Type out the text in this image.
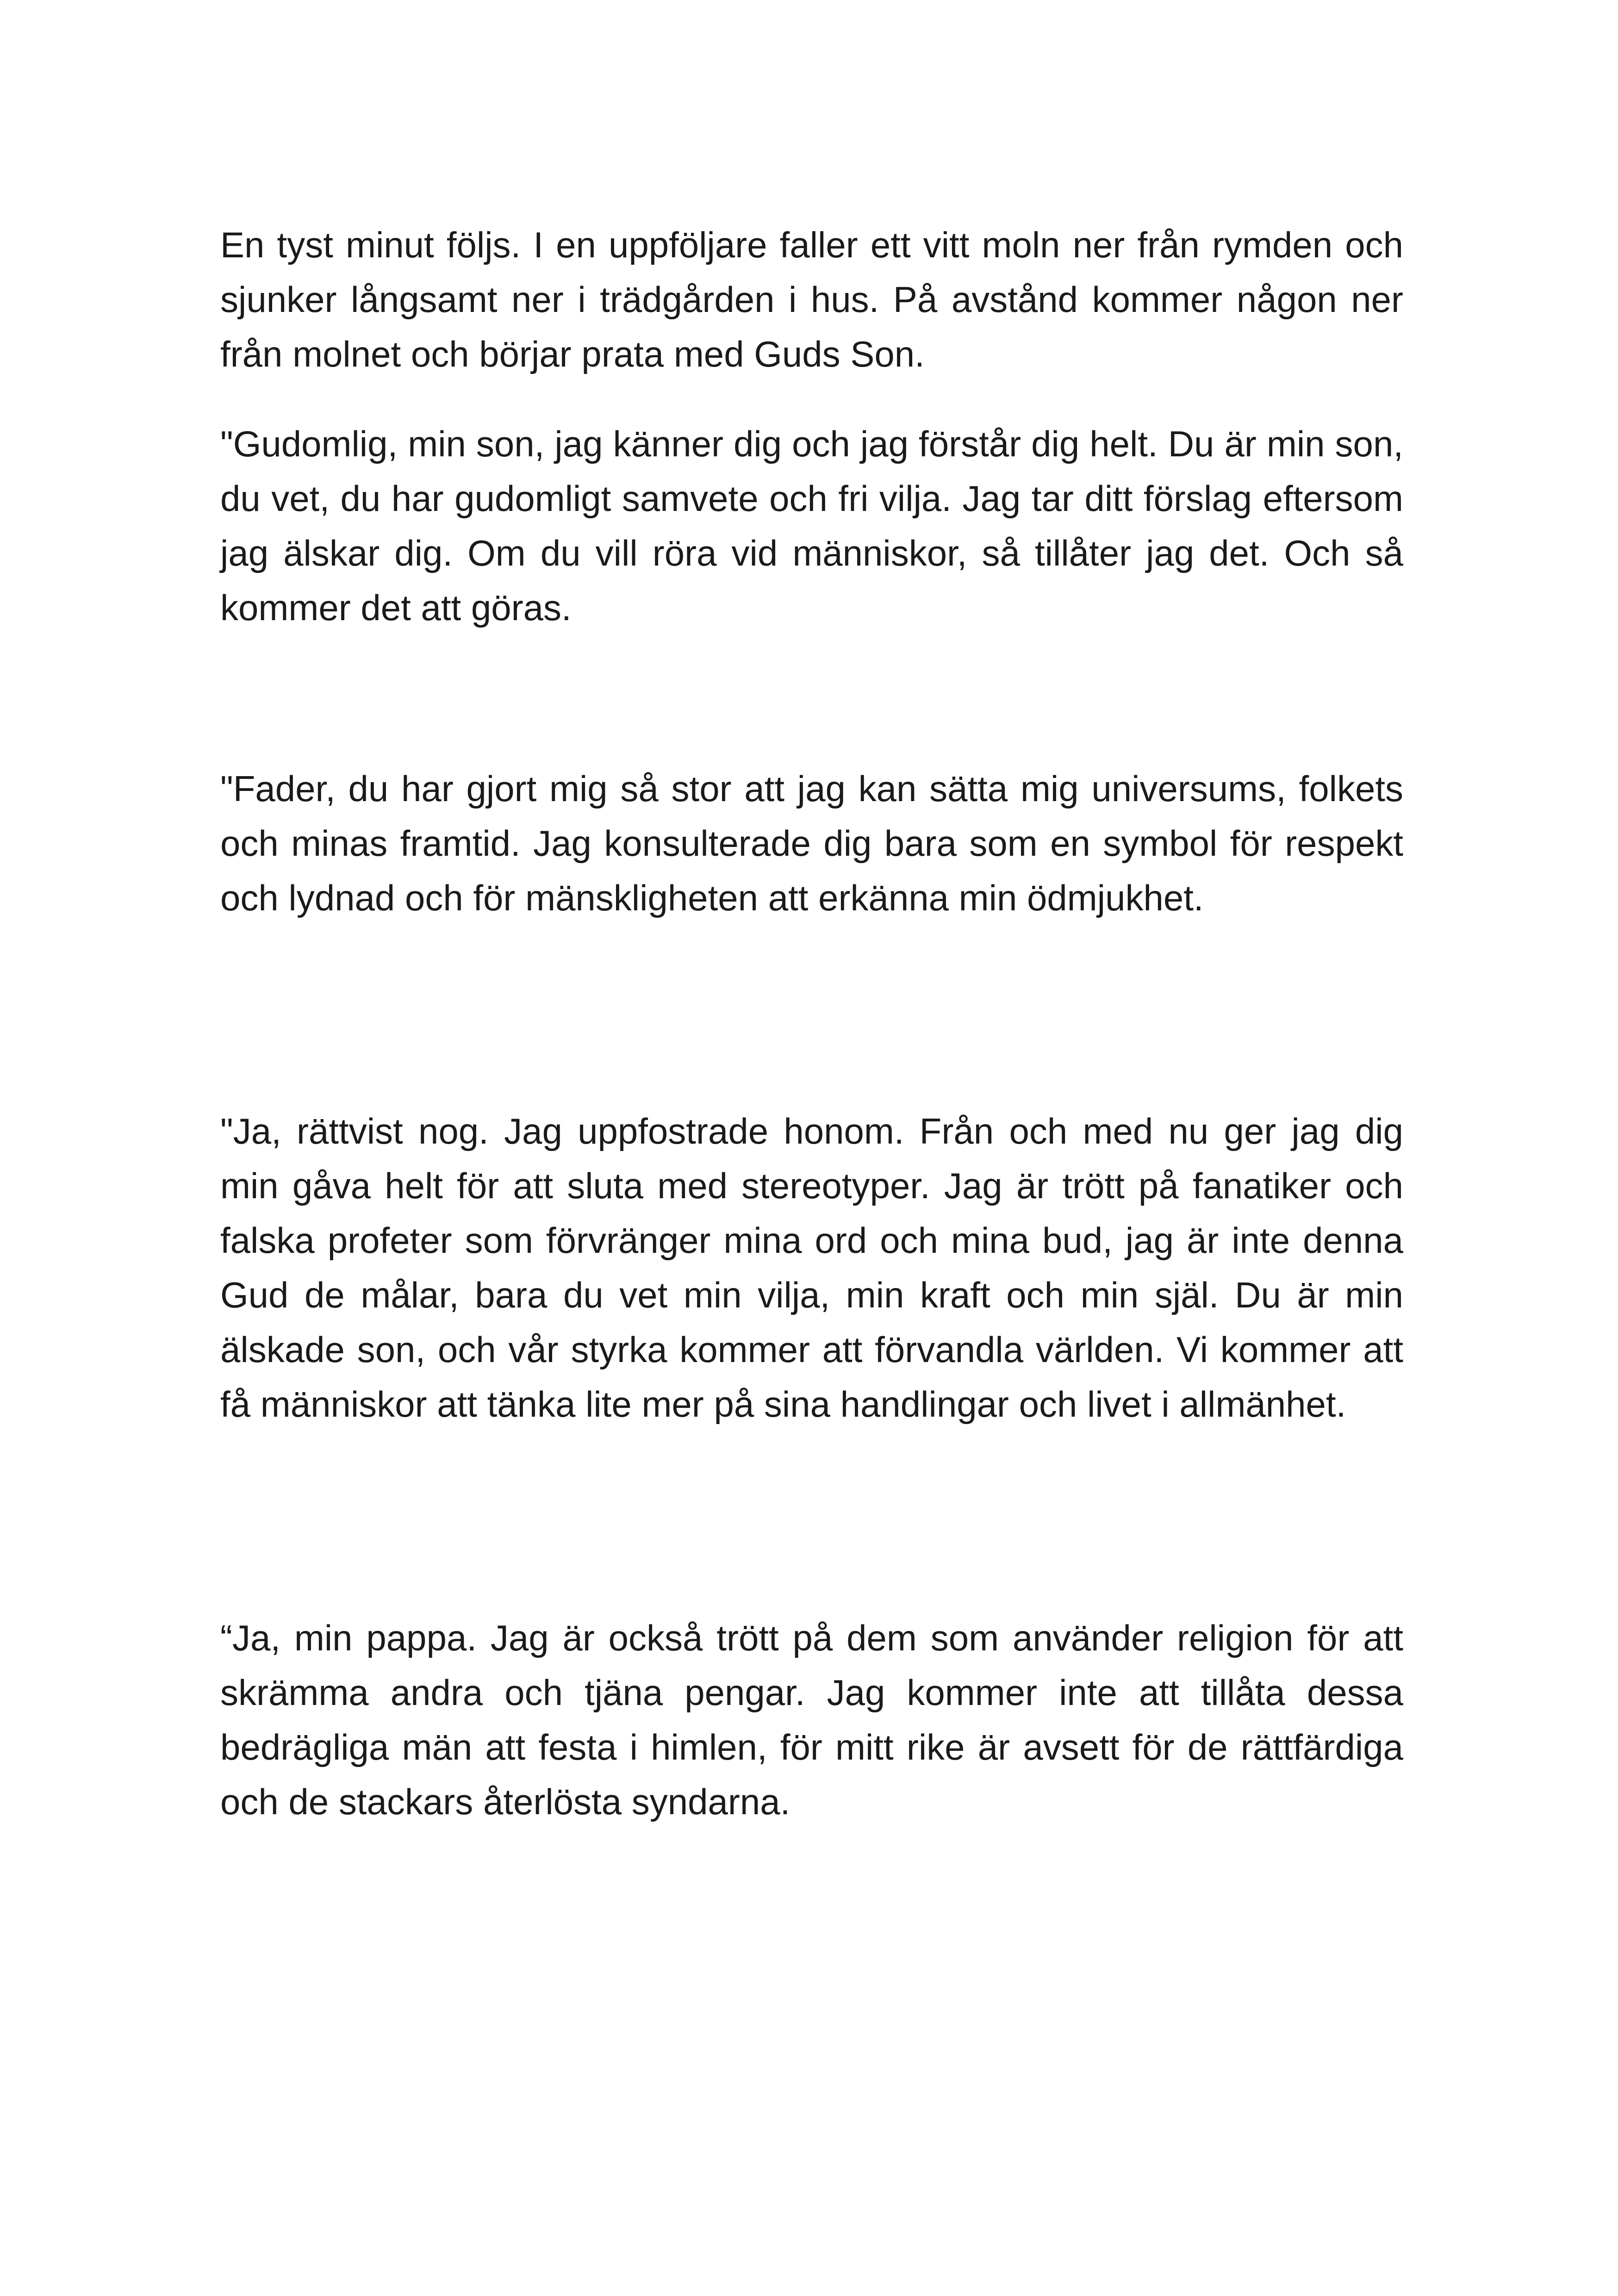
En tyst minut följs. I en uppföljare faller ett vitt moln ner från rymden och sjunker långsamt ner i trädgården i hus. På avstånd kommer någon ner från molnet och börjar prata med Guds Son.

"Gudomlig, min son, jag känner dig och jag förstår dig helt. Du är min son, du vet, du har gudomligt samvete och fri vilja. Jag tar ditt förslag eftersom jag älskar dig. Om du vill röra vid människor, så tillåter jag det. Och så kommer det att göras.

"Fader, du har gjort mig så stor att jag kan sätta mig universums, folkets och minas framtid. Jag konsulterade dig bara som en symbol för respekt och lydnad och för mänskligheten att erkänna min ödmjukhet.

"Ja, rättvist nog. Jag uppfostrade honom. Från och med nu ger jag dig min gåva helt för att sluta med stereotyper. Jag är trött på fanatiker och falska profeter som förvränger mina ord och mina bud, jag är inte denna Gud de målar, bara du vet min vilja, min kraft och min själ. Du är min älskade son, och vår styrka kommer att förvandla världen. Vi kommer att få människor att tänka lite mer på sina handlingar och livet i allmänhet.

“Ja, min pappa. Jag är också trött på dem som använder religion för att skrämma andra och tjäna pengar. Jag kommer inte att tillåta dessa bedrägliga män att festa i himlen, för mitt rike är avsett för de rättfärdiga och de stackars återlösta syndarna.
